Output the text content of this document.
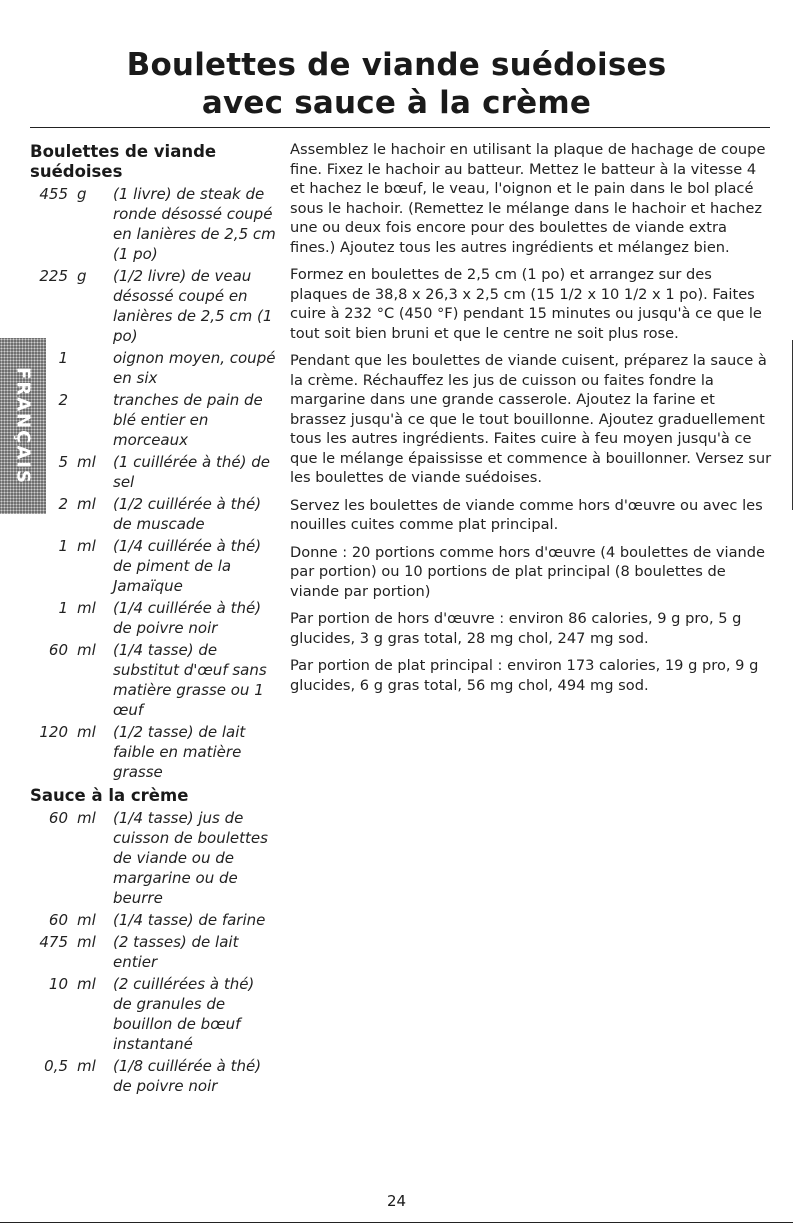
Boulettes de viande suédoises
avec sauce à la crème
FRANÇAIS
Boulettes de viande suédoises
455 g	(1 livre) de steak de ronde désossé coupé en lanières de 2,5 cm (1 po)
225 g	(1/2 livre) de veau désossé coupé en lanières de 2,5 cm (1 po)
1	oignon moyen, coupé en six
2	tranches de pain de blé entier en morceaux
5 ml	(1 cuillérée à thé) de sel
2 ml	(1/2 cuillérée à thé) de muscade
1 ml	(1/4 cuillérée à thé) de piment de la Jamaïque
1 ml	(1/4 cuillérée à thé) de poivre noir
60 ml	(1/4 tasse) de substitut d'œuf sans matière grasse ou 1 œuf
120 ml	(1/2 tasse) de lait faible en matière grasse
Sauce à la crème
60 ml	(1/4 tasse) jus de cuisson de boulettes de viande ou de margarine ou de beurre
60 ml	(1/4 tasse) de farine
475 ml	(2 tasses) de lait entier
10 ml	(2 cuillérées à thé) de granules de bouillon de bœuf instantané
0,5 ml	(1/8 cuillérée à thé) de poivre noir

Assemblez le hachoir en utilisant la plaque de hachage de coupe fine. Fixez le hachoir au batteur. Mettez le batteur à la vitesse 4 et hachez le bœuf, le veau, l'oignon et le pain dans le bol placé sous le hachoir. (Remettez le mélange dans le hachoir et hachez une ou deux fois encore pour des boulettes de viande extra fines.) Ajoutez tous les autres ingrédients et mélangez bien.

Formez en boulettes de 2,5 cm (1 po) et arrangez sur des plaques de 38,8 x 26,3 x 2,5 cm (15 1/2 x 10 1/2 x 1 po). Faites cuire à 232 °C (450 °F) pendant 15 minutes ou jusqu'à ce que le tout soit bien bruni et que le centre ne soit plus rose.

Pendant que les boulettes de viande cuisent, préparez la sauce à la crème. Réchauffez les jus de cuisson ou faites fondre la margarine dans une grande casserole. Ajoutez la farine et brassez jusqu'à ce que le tout bouillonne. Ajoutez graduellement tous les autres ingrédients. Faites cuire à feu moyen jusqu'à ce que le mélange épaississe et commence à bouillonner. Versez sur les boulettes de viande suédoises.

Servez les boulettes de viande comme hors d'œuvre ou avec les nouilles cuites comme plat principal.

Donne : 20 portions comme hors d'œuvre (4 boulettes de viande par portion) ou 10 portions de plat principal (8 boulettes de viande par portion)

Par portion de hors d'œuvre : environ 86 calories, 9 g pro, 5 g glucides, 3 g gras total, 28 mg chol, 247 mg sod.

Par portion de plat principal : environ 173 calories, 19 g pro, 9 g glucides, 6 g gras total, 56 mg chol, 494 mg sod.

24
